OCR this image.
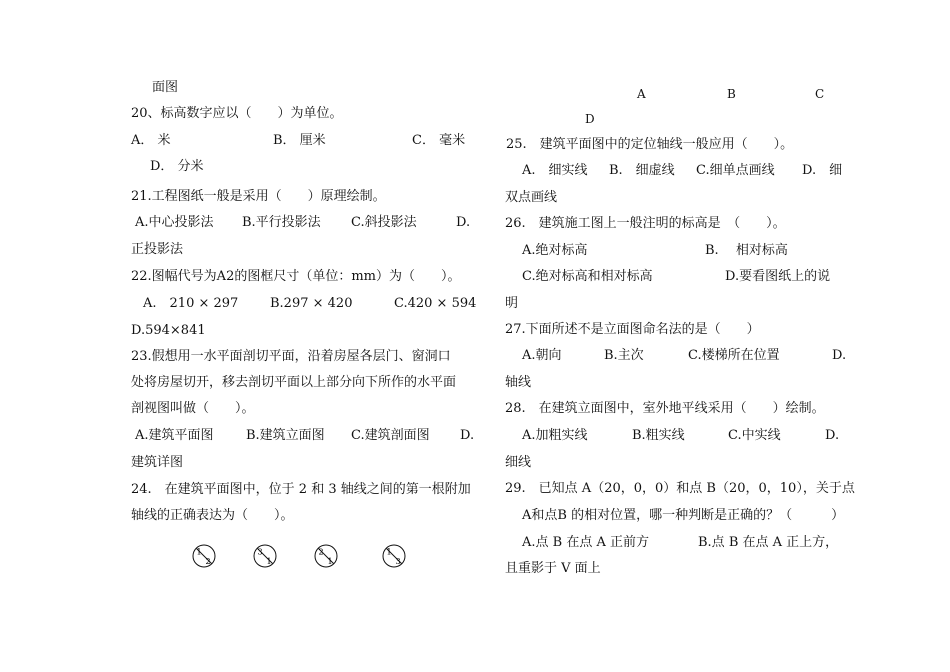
面图
20、标高数字应以（　　）为单位。
A． 米	B． 厘米	C． 毫米
D． 分米
21.工程图纸一般是采用（　　）原理绘制。
A.中心投影法 B.平行投影法 C.斜投影法	D.
正投影法
22.图幅代号为A2的图框尺寸（单位：mm）为（　　）。
A.　210 × 297 B.297 × 420	C.420 × 594
D.594×841
23.假想用一水平面剖切平面，沿着房屋各层门、窗洞口
处将房屋切开，移去剖切平面以上部分向下所作的水平面
剖视图叫做（　　）。
A.建筑平面图 B.建筑立面图 C.建筑剖面图 D.
建筑详图
24.　在建筑平面图中，位于 2 和 3 轴线之间的第一根附加
轴线的正确表达为（　　）。
1
2
3
1
2
1
1
3
A	B	C
D
25.　建筑平面图中的定位轴线一般应用（　　）。
A.　细实线 B.　细虚线 C.细单点画线 D.　细
双点画线
26.　建筑施工图上一般注明的标高是　（　　）。
A.绝对标高	B.　 相对标高
C.绝对标高和相对标高	D.要看图纸上的说
明
27.下面所述不是立面图命名法的是（　　）
A.朝向	B.主次	C.楼梯所在位置	D.
轴线
28.　在建筑立面图中，室外地平线采用（　　）绘制。
A.加粗实线	B.粗实线	C.中实线	D.
细线
29.　已知点 A（20，0，0）和点 B（20，0，10），关于点
A和点B 的相对位置，哪一种判断是正确的？（　　　）
A.点 B 在点 A 正前方	B.点 B 在点 A 正上方，
且重影于 V 面上
